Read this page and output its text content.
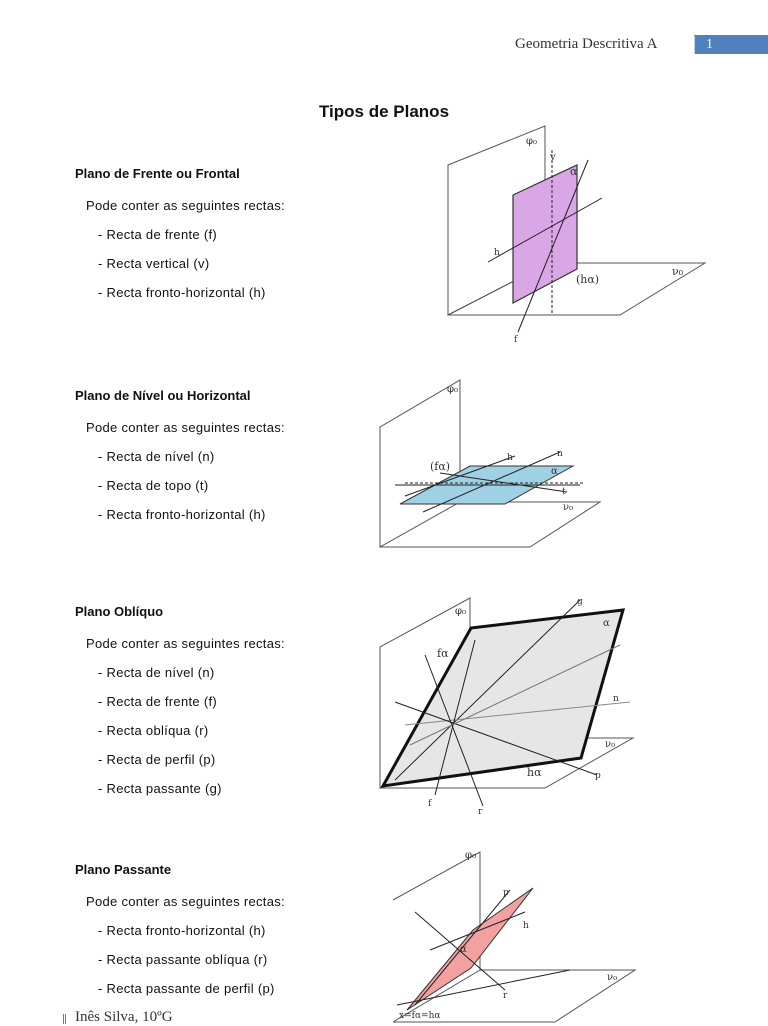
Geometria Descritiva A	1
Tipos de Planos
Plano de Frente ou Frontal
Pode conter as seguintes rectas:
- Recta de frente (f)
- Recta vertical (v)
- Recta fronto-horizontal (h)
Plano de Nível ou Horizontal
Pode conter as seguintes rectas:
- Recta de nível (n)
- Recta de topo (t)
- Recta fronto-horizontal (h)
Plano Oblíquo
Pode conter as seguintes rectas:
- Recta de nível (n)
- Recta de frente (f)
- Recta oblíqua (r)
- Recta de perfil (p)
- Recta passante (g)
Plano Passante
Pode conter as seguintes rectas:
- Recta fronto-horizontal (h)
- Recta passante oblíqua (r)
- Recta passante de perfil (p)
φ₀
v
α
h
(hα)
ν₀
f
φ₀
(fα)
h	n
α
t
ν₀
φ₀
g
α
fα
n
ν₀
hα	p
f
r
φ₀
p
h
α
r
ν₀
x=fα=hα
Inês Silva, 10ºG
